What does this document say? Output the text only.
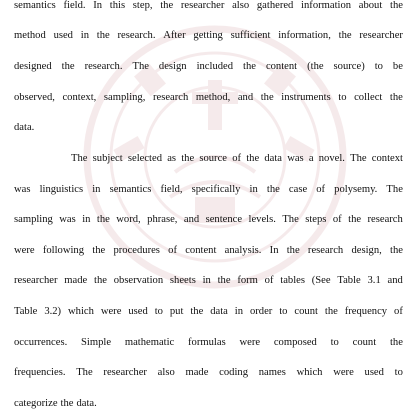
semantics field. In this step, the researcher also gathered information about the
method used in the research. After getting sufficient information, the researcher
designed the research. The design included the content (the source) to be
observed, context, sampling, research method, and the instruments to collect the
data.
The subject selected as the source of the data was a novel. The context
was linguistics in semantics field, specifically in the case of polysemy. The
sampling was in the word, phrase, and sentence levels. The steps of the research
were following the procedures of content analysis. In the research design, the
researcher made the observation sheets in the form of tables (See Table 3.1 and
Table 3.2) which were used to put the data in order to count the frequency of
occurrences. Simple mathematic formulas were composed to count the
frequencies. The researcher also made coding names which were used to
categorize the data.
